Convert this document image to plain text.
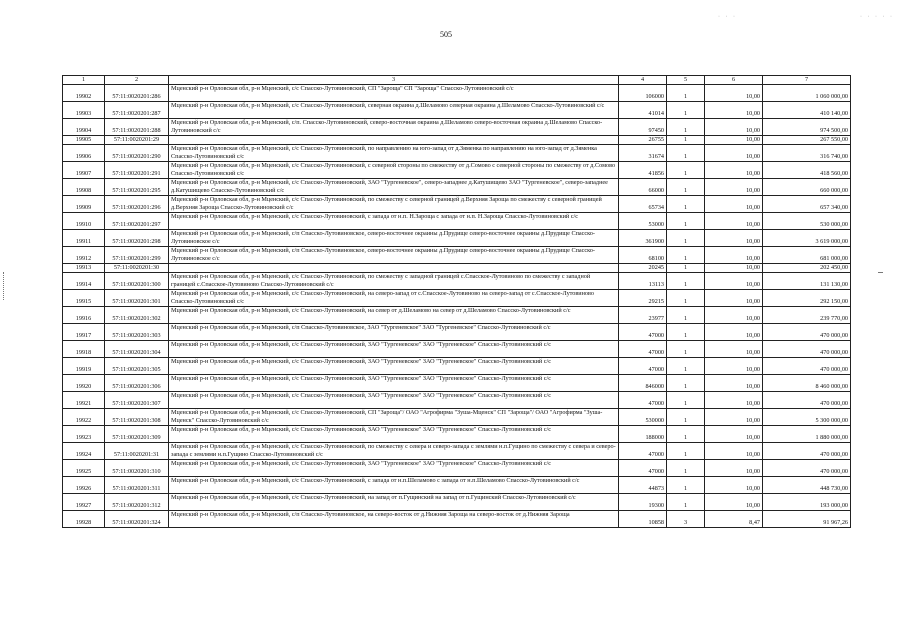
505
· · ·	· · · · ·
1	2	3	4	5	6	7
19902	57:11:0020201:286	Мценский р-н Орловская обл, р-н Мценский, с/с Спасско-Лутовиновский, СП "Зароща" СП "Зароща" Спасско-Лутовиновский с/с	106000	1	10,00	1 060 000,00
19903	57:11:0020201:287	Мценский р-н Орловская обл, р-н Мценский, с/с Спасско-Лутовиновский, северная окраина д.Шеламово северная окраина д.Шеламово Спасско-Лутовиновский с/с	41014	1	10,00	410 140,00
19904	57:11:0020201:288	Мценский р-н Орловская обл, р-н Мценский, с/п. Спасско-Лутовиновский, северо-восточная окраина д.Шеламово северо-восточная окраина д.Шеламово Спасско-Лутовиновский с/с	97450	1	10,00	974 500,00
19905	57:11:0020201:29		26755	1	10,00	267 550,00
19906	57:11:0020201:290	Мценский р-н Орловская обл, р-н Мценский, с/с Спасско-Лутовиновский, по направлению на юго-запад от д.Зяменка по направлению на юго-запад от д.Зяменка Спасско-Лутовиновский с/с	31674	1	10,00	316 740,00
19907	57:11:0020201:291	Мценский р-н Орловская обл, р-н Мценский, с/с Спасско-Лутовиновский, с северной стороны по смежеству от д.Сомово с северной стороны по смежеству от д.Сомово Спасско-Лутовиновский с/с	41856	1	10,00	418 560,00
19908	57:11:0020201:295	Мценский р-н Орловская обл, р-н Мценский, с/с Спасско-Лутовиновский, ЗАО "Тургеневское", северо-западнее д.Катушищево ЗАО "Тургеневское", северо-западнее д.Катушищево Спасско-Лутовиновский с/с	66000	1	10,00	660 000,00
19909	57:11:0020201:296	Мценский р-н Орловская обл, р-н Мценский, с/с Спасско-Лутовиновский, по смежеству с северной границей д.Верхняя Зароща по смежеству с северной границей д.Верхняя Зароща Спасско-Лутовиновский с/с	65734	1	10,00	657 340,00
19910	57:11:0020201:297	Мценский р-н Орловская обл, р-н Мценский, с/с Спасско-Лутовиновский, с запада от н.п. Н.Зароща с запада от н.п. Н.Зароща Спасско-Лутовиновский с/с	53000	1	10,00	530 000,00
19911	57:11:0020201:298	Мценский р-н Орловская обл, р-н Мценский, с/п Спасско-Лутовиновское, северо-восточнее окраины д.Прудище северо-восточнее окраины д.Прудище Спасско-Лутовиновское с/с	361900	1	10,00	3 619 000,00
19912	57:11:0020201:299	Мценский р-н Орловская обл, р-н Мценский, с/п Спасско-Лутовиновское, северо-восточнее окраины д.Прудище северо-восточнее окраины д.Прудище Спасско-Лутовиновское с/с	68100	1	10,00	681 000,00
19913	57:11:0020201:30		20245	1	10,00	202 450,00
19914	57:11:0020201:300	Мценский р-н Орловская обл, р-н Мценский, с/с Спасско-Лутовиновский, по смежеству с западной границей с.Спасское-Лутовиново по смежеству с западной границей с.Спасское-Лутовиново Спасско-Лутовиновский с/с	13113	1	10,00	131 130,00
19915	57:11:0020201:301	Мценский р-н Орловская обл, р-н Мценский, с/с Спасско-Лутовиновский, на северо-запад от с.Спасское-Лутовиново на северо-запад от с.Спасское-Лутовиново Спасско-Лутовиновский с/с	29215	1	10,00	292 150,00
19916	57:11:0020201:302	Мценский р-н Орловская обл, р-н Мценский, с/с Спасско-Лутовиновский, на север от д.Шеламово на север от д.Шеламово Спасско-Лутовиновский с/с	23977	1	10,00	239 770,00
19917	57:11:0020201:303	Мценский р-н Орловская обл, р-н Мценский, с/п Спасско-Лутовиновское, ЗАО "Тургеневское" ЗАО "Тургеневское" Спасско-Лутовиновский с/с	47000	1	10,00	470 000,00
19918	57:11:0020201:304	Мценский р-н Орловская обл, р-н Мценский, с/с Спасско-Лутовиновский, ЗАО "Тургеневское" ЗАО "Тургеневское" Спасско-Лутовиновский с/с	47000	1	10,00	470 000,00
19919	57:11:0020201:305	Мценский р-н Орловская обл, р-н Мценский, с/с Спасско-Лутовиновский, ЗАО "Тургеневское" ЗАО "Тургеневское" Спасско-Лутовиновский с/с	47000	1	10,00	470 000,00
19920	57:11:0020201:306	Мценский р-н Орловская обл, р-н Мценский, с/с Спасско-Лутовиновский, ЗАО "Тургеневское" ЗАО "Тургеневское" Спасско-Лутовиновский с/с	846000	1	10,00	8 460 000,00
19921	57:11:0020201:307	Мценский р-н Орловская обл, р-н Мценский, с/с Спасско-Лутовиновский, ЗАО "Тургеневское" ЗАО "Тургеневское" Спасско-Лутовиновский с/с	47000	1	10,00	470 000,00
19922	57:11:0020201:308	Мценский р-н Орловская обл, р-н Мценский, с/с Спасско-Лутовиновский, СП "Зароща"/ ОАО "Агрофирма "Зуша-Мценск" СП "Зароща"/ ОАО "Агрофирма "Зуша-Мценск" Спасско-Лутовиновский с/с	530000	1	10,00	5 300 000,00
19923	57:11:0020201:309	Мценский р-н Орловская обл, р-н Мценский, с/с Спасско-Лутовиновский, ЗАО "Тургеневское" ЗАО "Тургеневское" Спасско-Лутовиновский с/с	188000	1	10,00	1 880 000,00
19924	57:11:0020201:31	Мценский р-н Орловская обл, р-н Мценский, с/с Спасско-Лутовиновский, по смежеству с севера и северо-запада с землями н.п.Гущино по смежеству с севера и северо-запада с землями н.п.Гущино Спасско-Лутовиновский с/с	47000	1	10,00	470 000,00
19925	57:11:0020201:310	Мценский р-н Орловская обл, р-н Мценский, с/с Спасско-Лутовиновский, ЗАО "Тургеневское" ЗАО "Тургеневское" Спасско-Лутовиновский с/с	47000	1	10,00	470 000,00
19926	57:11:0020201:311	Мценский р-н Орловская обл, р-н Мценский, с/с Спасско-Лутовиновский, с запада от н.п.Шеламово с запада от н.п.Шеламово Спасско-Лутовиновский с/с	44873	1	10,00	448 730,00
19927	57:11:0020201:312	Мценский р-н Орловская обл, р-н Мценский, с/с Спасско-Лутовиновский, на запад от п.Гущинский на запад от п.Гущинский Спасско-Лутовиновский с/с	19300	1	10,00	193 000,00
19928	57:11:0020201:324	Мценский р-н Орловская обл, р-н Мценский, с/п Спасско-Лутовиновское, на северо-восток от д.Нижняя Зароща на северо-восток от д.Нижняя Зароща	10858	3	8,47	91 967,26
